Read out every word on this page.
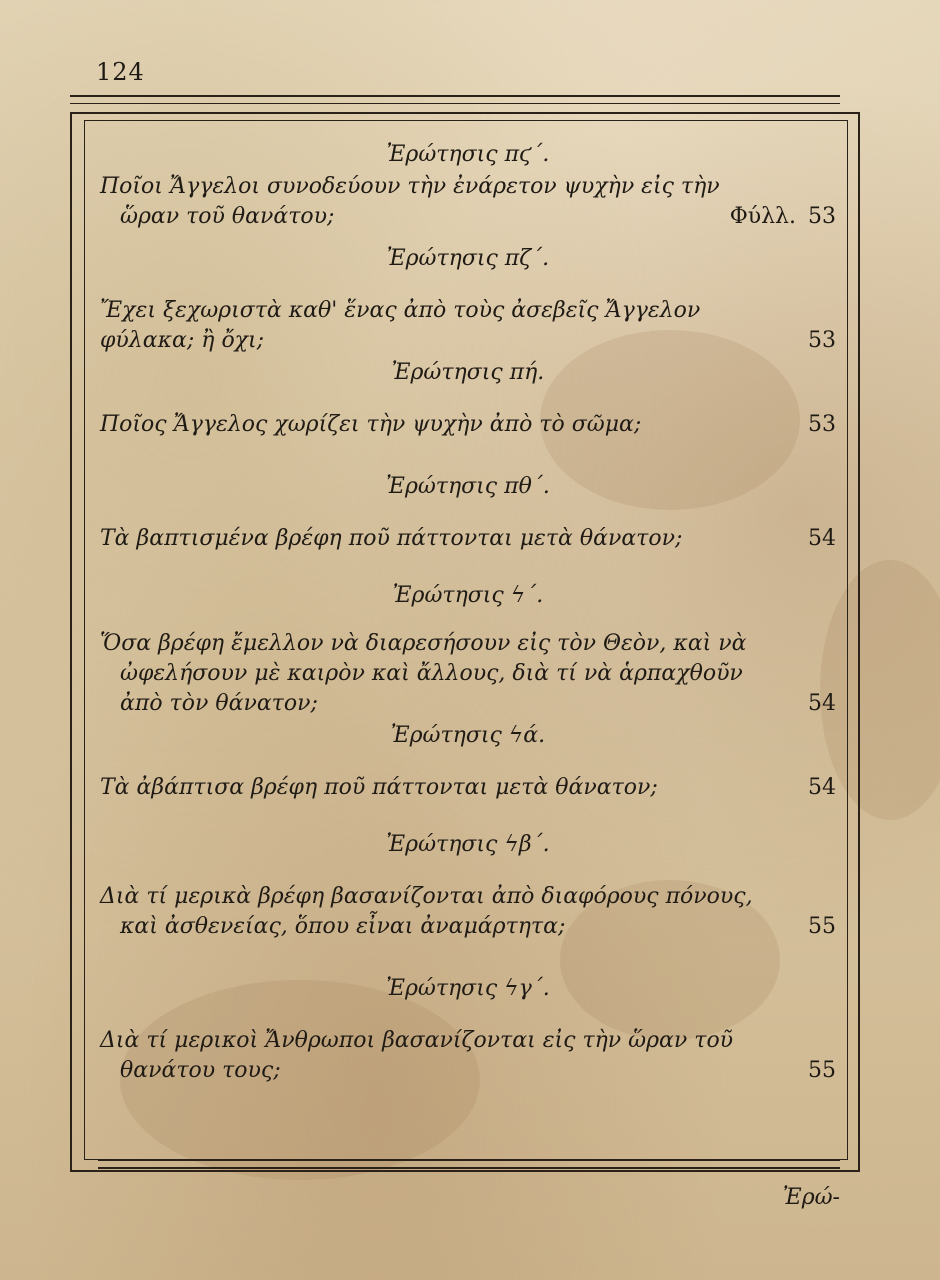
124
Ἐρώτησις πϛ΄.
Ποῖοι Ἄγγελοι συνοδεύουν τὴν ἐνάρετον ψυχὴν εἰς τὴν
ὥραν τοῦ θανάτου;	Φύλλ. 53
Ἐρώτησις πζ΄.
Ἔχει ξεχωριστὰ καθ' ἕνας ἀπὸ τοὺς ἀσεβεῖς Ἄγγελον
φύλακα; ἢ ὄχι;	53
Ἐρώτησις πή.
Ποῖος Ἄγγελος χωρίζει τὴν ψυχὴν ἀπὸ τὸ σῶμα;	53
Ἐρώτησις πθ΄.
Τὰ βαπτισμένα βρέφη ποῦ πάττονται μετὰ θάνατον;	54
Ἐρώτησις ϟ΄.
Ὅσα βρέφη ἔμελλον νὰ διαρεσήσουν εἰς τὸν Θεὸν, καὶ νὰ
ὠφελήσουν μὲ καιρὸν καὶ ἄλλους, διὰ τί νὰ ἁρπαχθοῦν
ἀπὸ τὸν θάνατον;	54
Ἐρώτησις ϟά.
Τὰ ἀβάπτισα βρέφη ποῦ πάττονται μετὰ θάνατον;	54
Ἐρώτησις ϟβ΄.
Διὰ τί μερικὰ βρέφη βασανίζονται ἀπὸ διαφόρους πόνους,
καὶ ἀσθενείας, ὅπου εἶναι ἀναμάρτητα;	55
Ἐρώτησις ϟγ΄.
Διὰ τί μερικοὶ Ἄνθρωποι βασανίζονται εἰς τὴν ὥραν τοῦ
θανάτου τους;	55
Ἐρώ-
